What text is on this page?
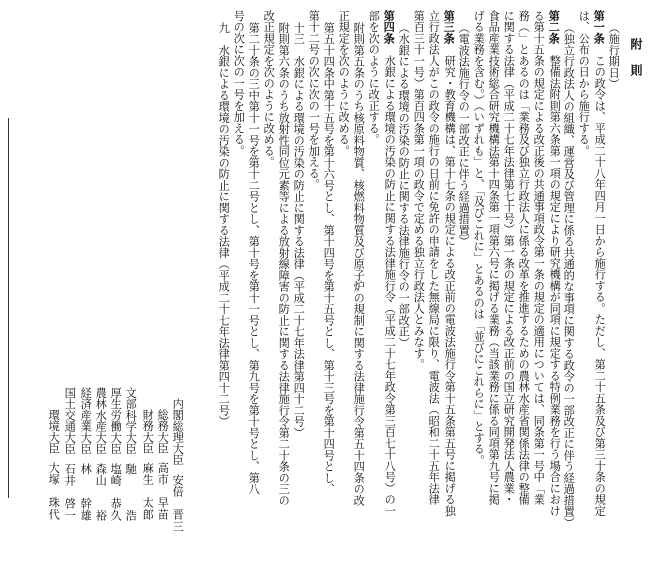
附　則
（施行期日）
第一条　この政令は、平成二十八年四月一日から施行する。ただし、第二十五条及び第三十条の規定
は、公布の日から施行する。
（独立行政法人の組織、運営及び管理に係る共通的な事項に関する政令の一部改正に伴う経過措置）
第二条　整備法附則第六条第一項の規定により研究機構が同項に規定する特例業務を行う場合におけ
る第十五条の規定による改正後の共通事項政令第一条の規定の適用については、同条第一号中「業
務（」とあるのは「業務及び独立行政法人に係る改革を推進するための農林水産省関係法律の整備
に関する法律（平成二十七年法律第七十号）第一条の規定による改正前の国立研究開発法人農業・
食品産業技術総合研究機構法第十四条第一項第六号に掲げる業務（当該業務に係る同項第九号に掲
げる業務を含む。）（いずれも」と、「及びこれに」とあるのは「並びにこれらに」とする。
（電波法施行令の一部改正に伴う経過措置）
第三条　研究・教育機構は、第十七条の規定による改正前の電波法施行令第十五条第五号に掲げる独
立行政法人がこの政令の施行の日前に免許の申請をした無線局に限り、電波法（昭和二十五年法律
第百三十一号）第百四条第一項の政令で定める独立行政法人とみなす。
（水銀による環境の汚染の防止に関する法律施行令の一部改正）
第四条　水銀による環境の汚染の防止に関する法律施行令（平成二十七年政令第三百七十八号）の一
部を次のように改正する。
附則第五条のうち核原料物質、核燃料物質及び原子炉の規制に関する法律施行令第五十四条の改
正規定を次のように改める。
第五十四条中第十五号を第十六号とし、第十四号を第十五号とし、第十三号を第十四号とし、
第十二号の次に次の一号を加える。
十三　水銀による環境の汚染の防止に関する法律（平成二十七年法律第四十二号）
附則第六条のうち放射性同位元素等による放射線障害の防止に関する法律施行令第二十条の三の
改正規定を次のように改める。
第二十条の三中第十一号を第十二号とし、第十号を第十一号とし、第九号を第十号とし、第八
号の次に次の一号を加える。
九　水銀による環境の汚染の防止に関する法律（平成二十七年法律第四十二号）
内閣総理大臣安倍　晋三
総務大臣高市　早苗
財務大臣麻生　太郎
文部科学大臣馳　　　浩
厚生労働大臣塩崎　恭久
農林水産大臣森山　　裕
経済産業大臣林　　幹雄
国土交通大臣石井　啓一
環境大臣大塚　珠代
